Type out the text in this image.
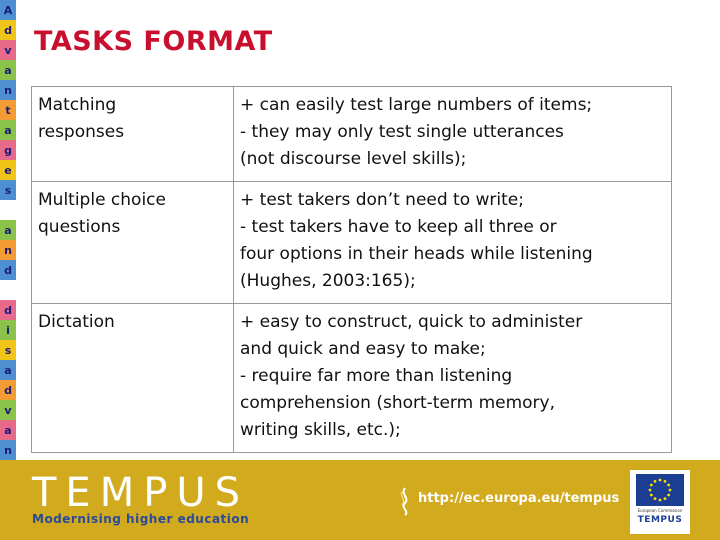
A
d
v
a
n
t
a
g
e
s
a
n
d
d
i
s
a
d
v
a
n
TASKS FORMAT
Matching
responses	+ can easily test large numbers of items;
- they may only test single utterances
(not discourse level skills);

Multiple choice
questions	+ test takers don’t need to write;
- test takers have to keep all three or
four options in their heads while listening
(Hughes, 2003:165);

Dictation	+ easy to construct, quick to administer
and quick and easy to make;
- require far more than listening
comprehension (short-term memory,
writing skills, etc.);
TEMPUS
Modernising higher education
http://ec.europa.eu/tempus
European Commission
TEMPUS
